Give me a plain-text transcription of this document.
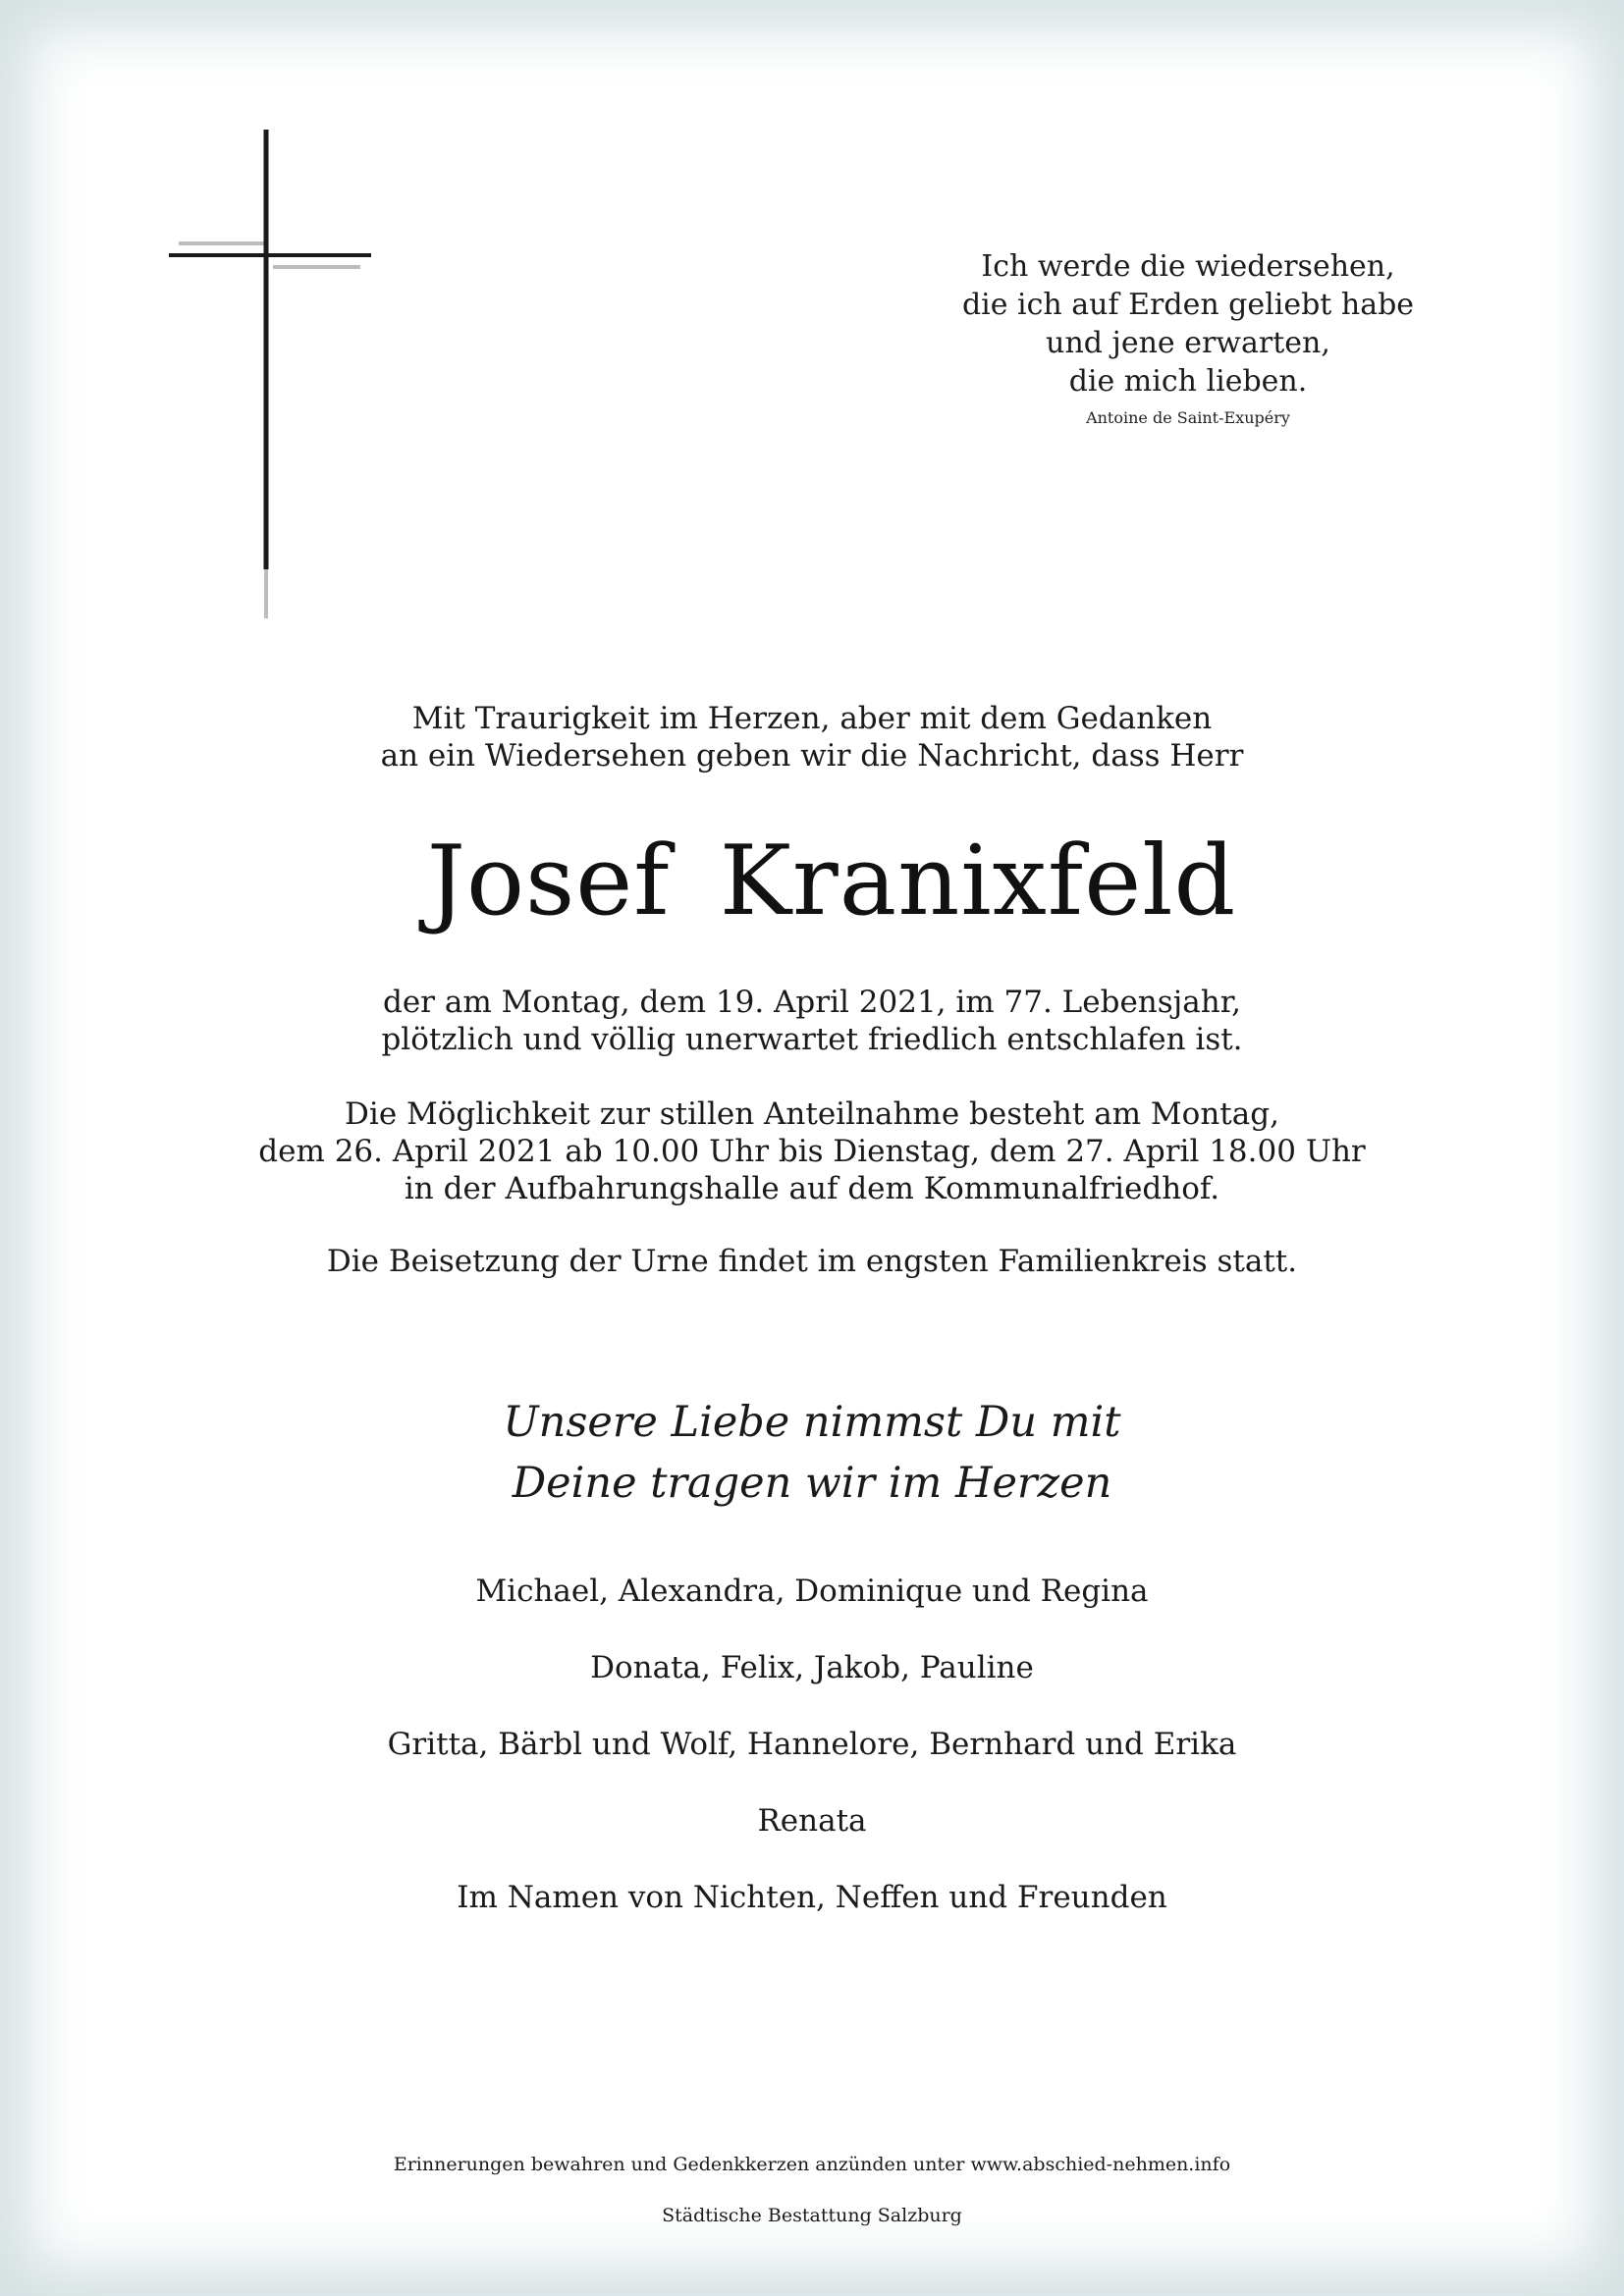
Ich werde die wiedersehen,
die ich auf Erden geliebt habe
und jene erwarten,
die mich lieben.
Antoine de Saint-Exupéry
Mit Traurigkeit im Herzen, aber mit dem Gedanken
an ein Wiedersehen geben wir die Nachricht, dass Herr
Josef Kranixfeld
der am Montag, dem 19. April 2021, im 77. Lebensjahr,
plötzlich und völlig unerwartet friedlich entschlafen ist.
Die Möglichkeit zur stillen Anteilnahme besteht am Montag,
dem 26. April 2021 ab 10.00 Uhr bis Dienstag, dem 27. April 18.00 Uhr
in der Aufbahrungshalle auf dem Kommunalfriedhof.
Die Beisetzung der Urne findet im engsten Familienkreis statt.
Unsere Liebe nimmst Du mit
Deine tragen wir im Herzen
Michael, Alexandra, Dominique und Regina
Donata, Felix, Jakob, Pauline
Gritta, Bärbl und Wolf, Hannelore, Bernhard und Erika
Renata
Im Namen von Nichten, Neffen und Freunden
Erinnerungen bewahren und Gedenkkerzen anzünden unter www.abschied-nehmen.info
Städtische Bestattung Salzburg
